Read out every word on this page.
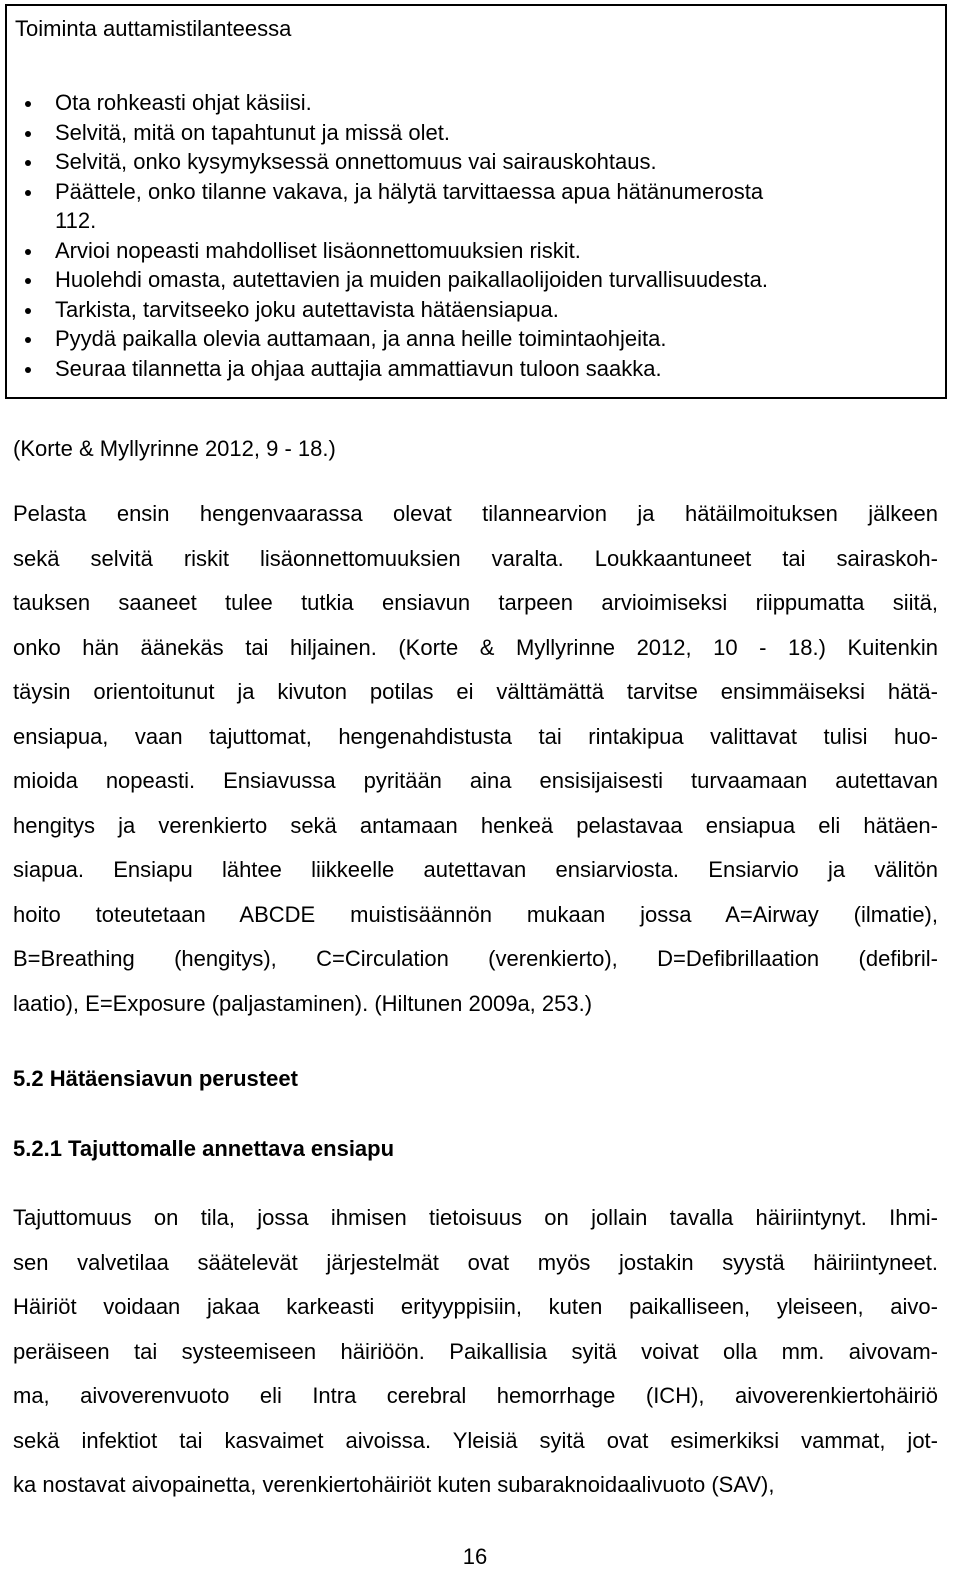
Toiminta auttamistilanteessa
Ota rohkeasti ohjat käsiisi.
Selvitä, mitä on tapahtunut ja missä olet.
Selvitä, onko kysymyksessä onnettomuus vai sairauskohtaus.
Päättele, onko tilanne vakava, ja hälytä tarvittaessa apua hätänumerosta
112.
Arvioi nopeasti mahdolliset lisäonnettomuuksien riskit.
Huolehdi omasta, autettavien ja muiden paikallaolijoiden turvallisuudesta.
Tarkista, tarvitseeko joku autettavista hätäensiapua.
Pyydä paikalla olevia auttamaan, ja anna heille toimintaohjeita.
Seuraa tilannetta ja ohjaa auttajia ammattiavun tuloon saakka.
(Korte & Myllyrinne 2012, 9 - 18.)
Pelasta ensin hengenvaarassa olevat tilannearvion ja hätäilmoituksen jälkeen
sekä selvitä riskit lisäonnettomuuksien varalta. Loukkaantuneet tai sairaskoh-
tauksen saaneet tulee tutkia ensiavun tarpeen arvioimiseksi riippumatta siitä,
onko hän äänekäs tai hiljainen. (Korte & Myllyrinne 2012, 10 - 18.) Kuitenkin
täysin orientoitunut ja kivuton potilas ei välttämättä tarvitse ensimmäiseksi hätä-
ensiapua, vaan tajuttomat, hengenahdistusta tai rintakipua valittavat tulisi huo-
mioida nopeasti. Ensiavussa pyritään aina ensisijaisesti turvaamaan autettavan
hengitys ja verenkierto sekä antamaan henkeä pelastavaa ensiapua eli hätäen-
siapua. Ensiapu lähtee liikkeelle autettavan ensiarviosta. Ensiarvio ja välitön
hoito toteutetaan ABCDE muistisäännön mukaan jossa A=Airway (ilmatie),
B=Breathing (hengitys), C=Circulation (verenkierto), D=Defibrillaation (defibril-
laatio), E=Exposure (paljastaminen). (Hiltunen 2009a, 253.)
5.2 Hätäensiavun perusteet
5.2.1 Tajuttomalle annettava ensiapu
Tajuttomuus on tila, jossa ihmisen tietoisuus on jollain tavalla häiriintynyt. Ihmi-
sen valvetilaa säätelevät järjestelmät ovat myös jostakin syystä häiriintyneet.
Häiriöt voidaan jakaa karkeasti erityyppisiin, kuten paikalliseen, yleiseen, aivo-
peräiseen tai systeemiseen häiriöön. Paikallisia syitä voivat olla mm. aivovam-
ma, aivoverenvuoto eli Intra cerebral hemorrhage (ICH), aivoverenkiertohäiriö
sekä infektiot tai kasvaimet aivoissa. Yleisiä syitä ovat esimerkiksi vammat, jot-
ka nostavat aivopainetta, verenkiertohäiriöt kuten subaraknoidaalivuoto (SAV),
16
